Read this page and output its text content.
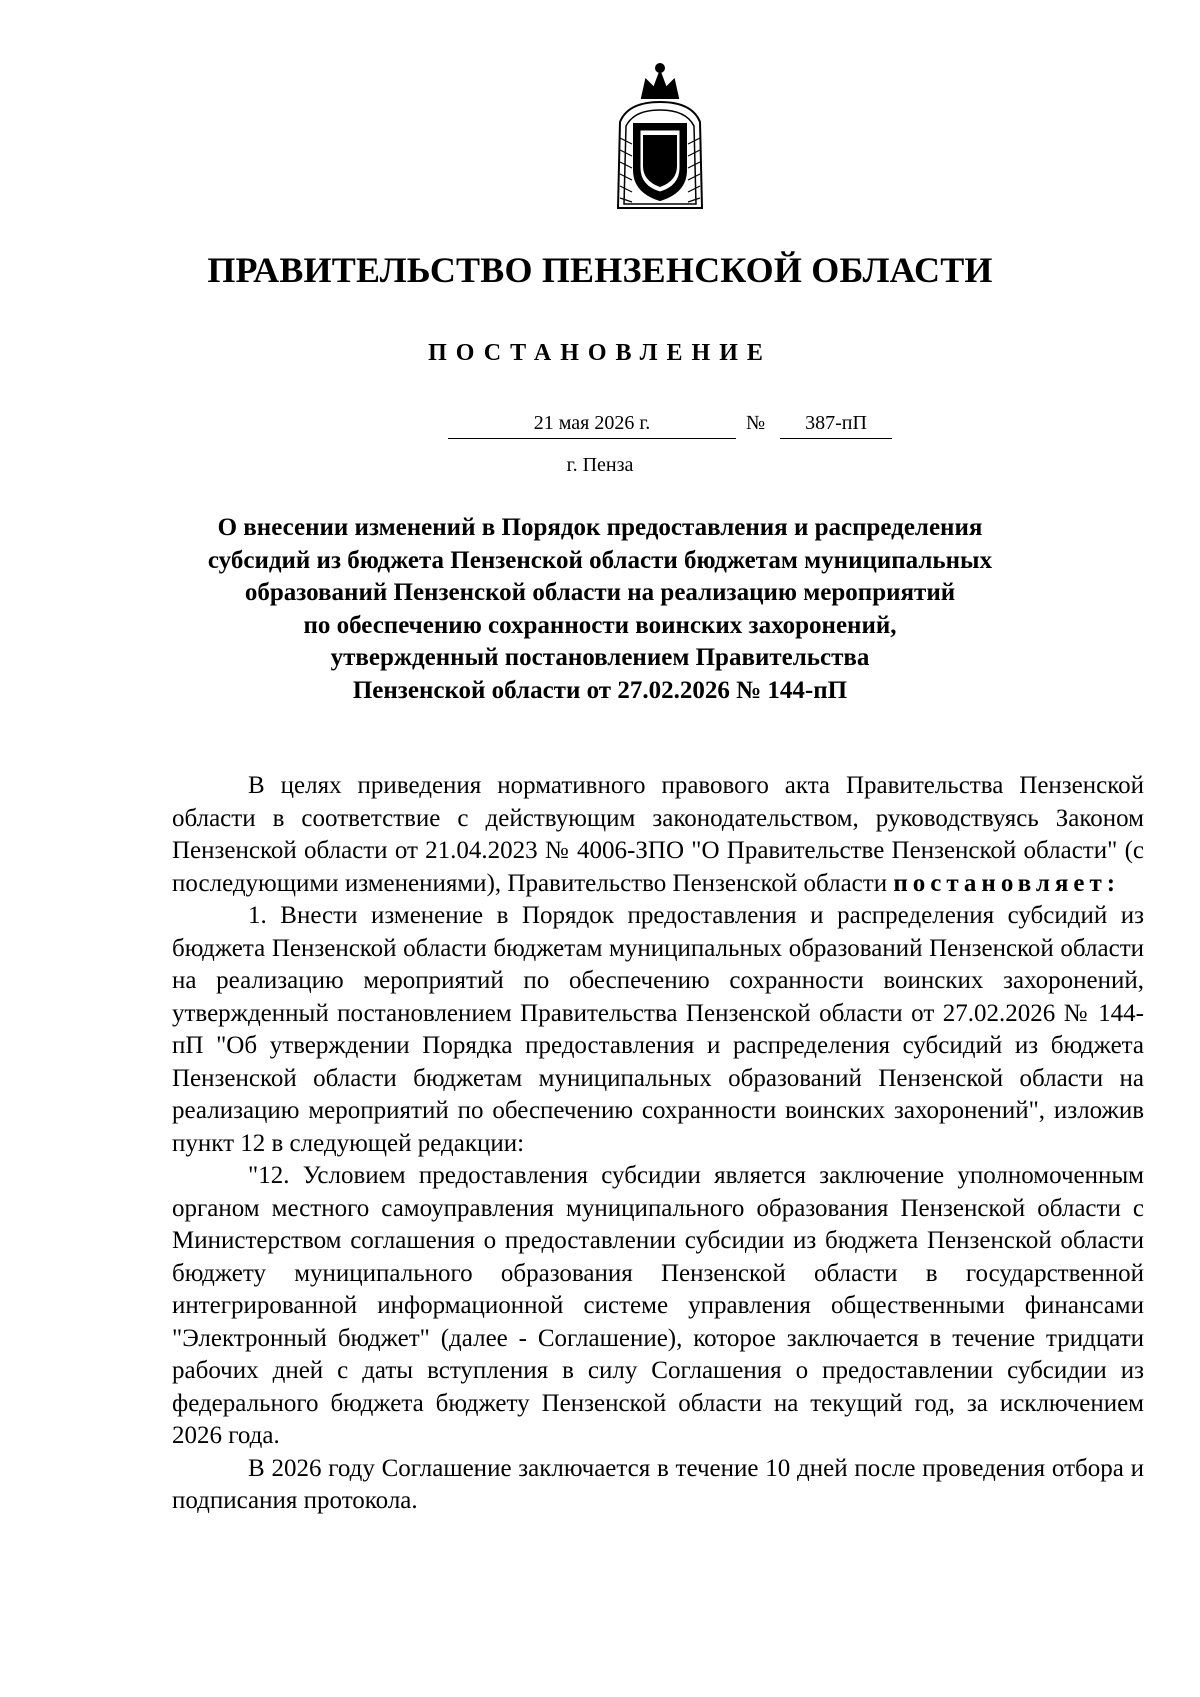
ПРАВИТЕЛЬСТВО ПЕНЗЕНСКОЙ ОБЛАСТИ
ПОСТАНОВЛЕНИЕ
21 мая 2026 г.	№	387-пП
г. Пенза
О внесении изменений в Порядок предоставления и распределения
субсидий из бюджета Пензенской области бюджетам муниципальных
образований Пензенской области на реализацию мероприятий
по обеспечению сохранности воинских захоронений,
утвержденный постановлением Правительства
Пензенской области от 27.02.2026 № 144-пП

В целях приведения нормативного правового акта Правительства Пензенской области в соответствие с действующим законодательством, руководствуясь Законом Пензенской области от 21.04.2023 № 4006-ЗПО "О Правительстве Пензенской области" (с последующими изменениями), Правительство Пензенской области постановляет:

1. Внести изменение в Порядок предоставления и распределения субсидий из бюджета Пензенской области бюджетам муниципальных образований Пензенской области на реализацию мероприятий по обеспечению сохранности воинских захоронений, утвержденный постановлением Правительства Пензенской области от 27.02.2026 № 144-пП "Об утверждении Порядка предоставления и распределения субсидий из бюджета Пензенской области бюджетам муниципальных образований Пензенской области на реализацию мероприятий по обеспечению сохранности воинских захоронений", изложив пункт 12 в следующей редакции:

"12. Условием предоставления субсидии является заключение уполномоченным органом местного самоуправления муниципального образования Пензенской области с Министерством соглашения о предоставлении субсидии из бюджета Пензенской области бюджету муниципального образования Пензенской области в государственной интегрированной информационной системе управления общественными финансами "Электронный бюджет" (далее - Соглашение), которое заключается в течение тридцати рабочих дней с даты вступления в силу Соглашения о предоставлении субсидии из федерального бюджета бюджету Пензенской области на текущий год, за исключением 2026 года.

В 2026 году Соглашение заключается в течение 10 дней после проведения отбора и подписания протокола.
